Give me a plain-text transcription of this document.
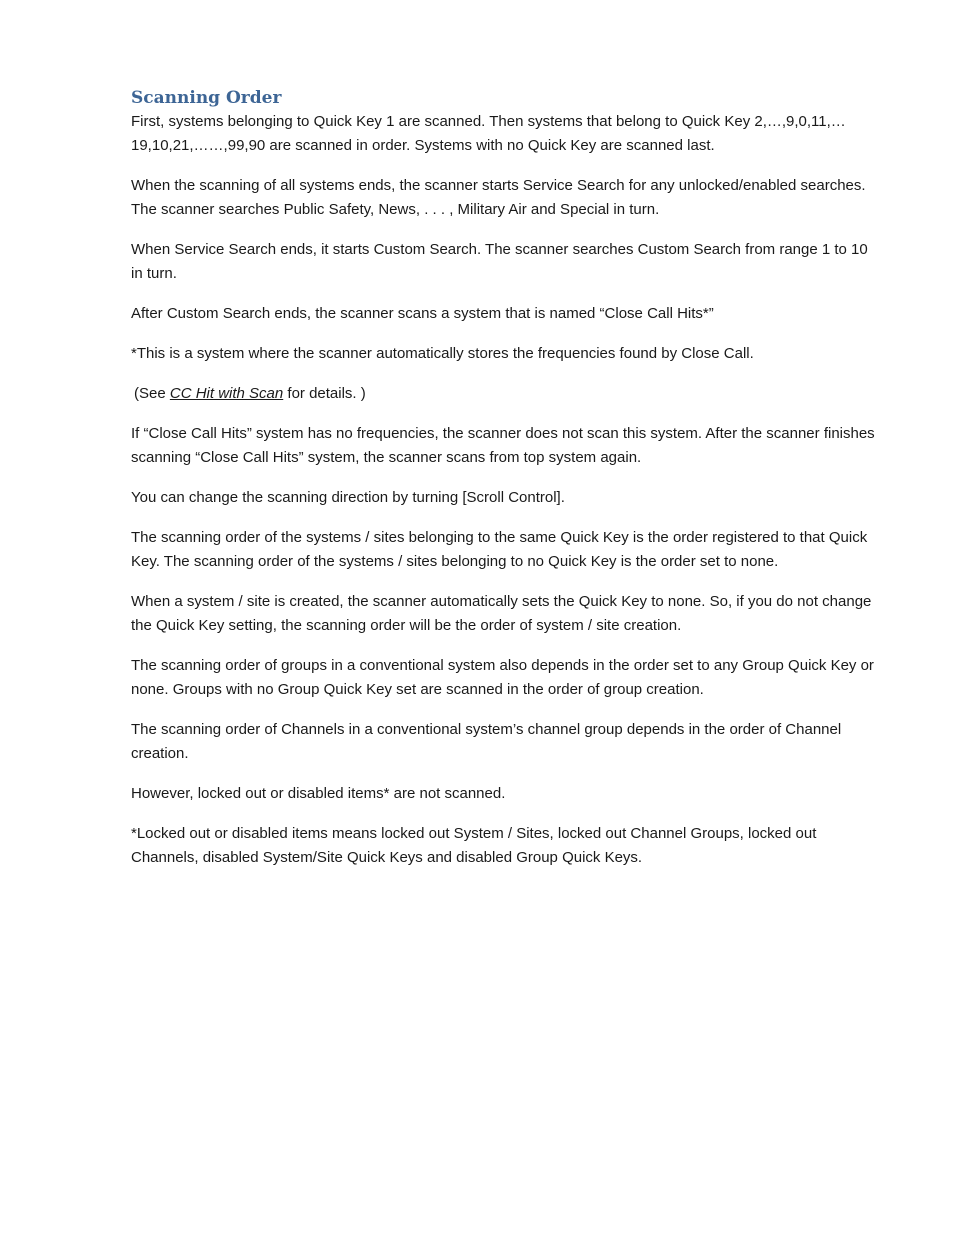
Scanning Order

First, systems belonging to Quick Key 1 are scanned. Then systems that belong to Quick Key 2,…,9,0,11,…19,10,21,……,99,90 are scanned in order. Systems with no Quick Key are scanned last.

When the scanning of all systems ends, the scanner starts Service Search for any unlocked/enabled searches. The scanner searches Public Safety, News, . . . , Military Air and Special in turn.

When Service Search ends, it starts Custom Search. The scanner searches Custom Search from range 1 to 10 in turn.

After Custom Search ends, the scanner scans a system that is named “Close Call Hits*”

*This is a system where the scanner automatically stores the frequencies found by Close Call.

(See CC Hit with Scan for details. )

If “Close Call Hits” system has no frequencies, the scanner does not scan this system. After the scanner finishes scanning “Close Call Hits” system, the scanner scans from top system again.

You can change the scanning direction by turning [Scroll Control].

The scanning order of the systems / sites belonging to the same Quick Key is the order registered to that Quick Key. The scanning order of the systems / sites belonging to no Quick Key is the order set to none.

When a system / site is created, the scanner automatically sets the Quick Key to none. So, if you do not change the Quick Key setting, the scanning order will be the order of system / site creation.

The scanning order of groups in a conventional system also depends in the order set to any Group Quick Key or none. Groups with no Group Quick Key set are scanned in the order of group creation.

The scanning order of Channels in a conventional system’s channel group depends in the order of Channel creation.

However, locked out or disabled items* are not scanned.

*Locked out or disabled items means locked out System / Sites, locked out Channel Groups, locked out Channels, disabled System/Site Quick Keys and disabled Group Quick Keys.
